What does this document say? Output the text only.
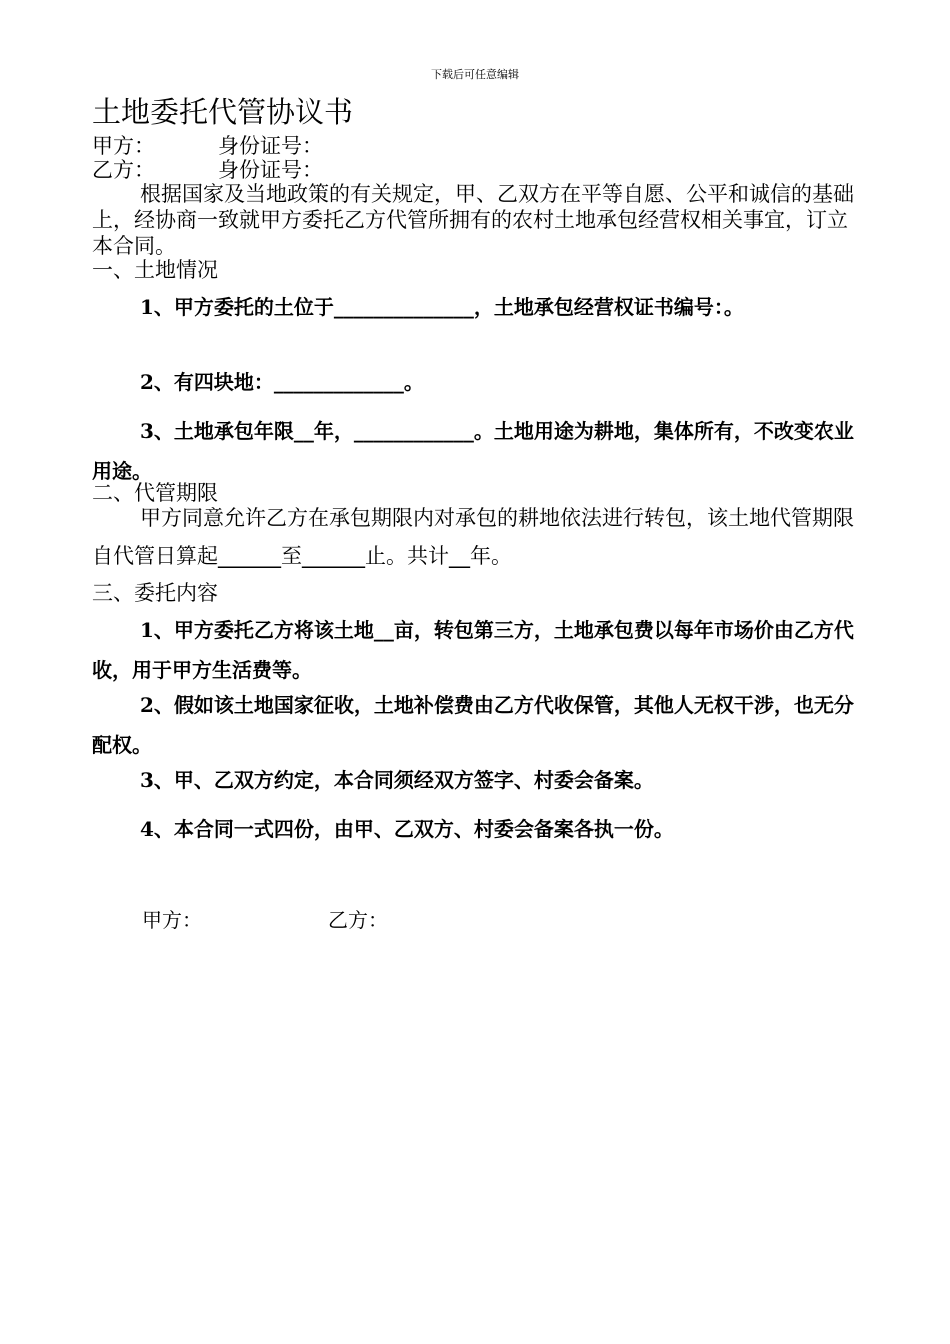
下载后可任意编辑
土地委托代管协议书
甲方：	身份证号：
乙方：	身份证号：
根据国家及当地政策的有关规定，甲、乙双方在平等自愿、公平和诚信的基础上，经协商一致就甲方委托乙方代管所拥有的农村土地承包经营权相关事宜，订立本合同。
一、土地情况
1、甲方委托的土位于______________，土地承包经营权证书编号：。
2、有四块地：_____________。
3、土地承包年限__年，____________。土地用途为耕地，集体所有，不改变农业用途。
二、代管期限
甲方同意允许乙方在承包期限内对承包的耕地依法进行转包，该土地代管期限自代管日算起______至______止。共计__年。
三、委托内容
1、甲方委托乙方将该土地__亩，转包第三方，土地承包费以每年市场价由乙方代收，用于甲方生活费等。
2、假如该土地国家征收，土地补偿费由乙方代收保管，其他人无权干涉，也无分配权。
3、甲、乙双方约定，本合同须经双方签字、村委会备案。
4、本合同一式四份，由甲、乙双方、村委会备案各执一份。
甲方：	乙方：
